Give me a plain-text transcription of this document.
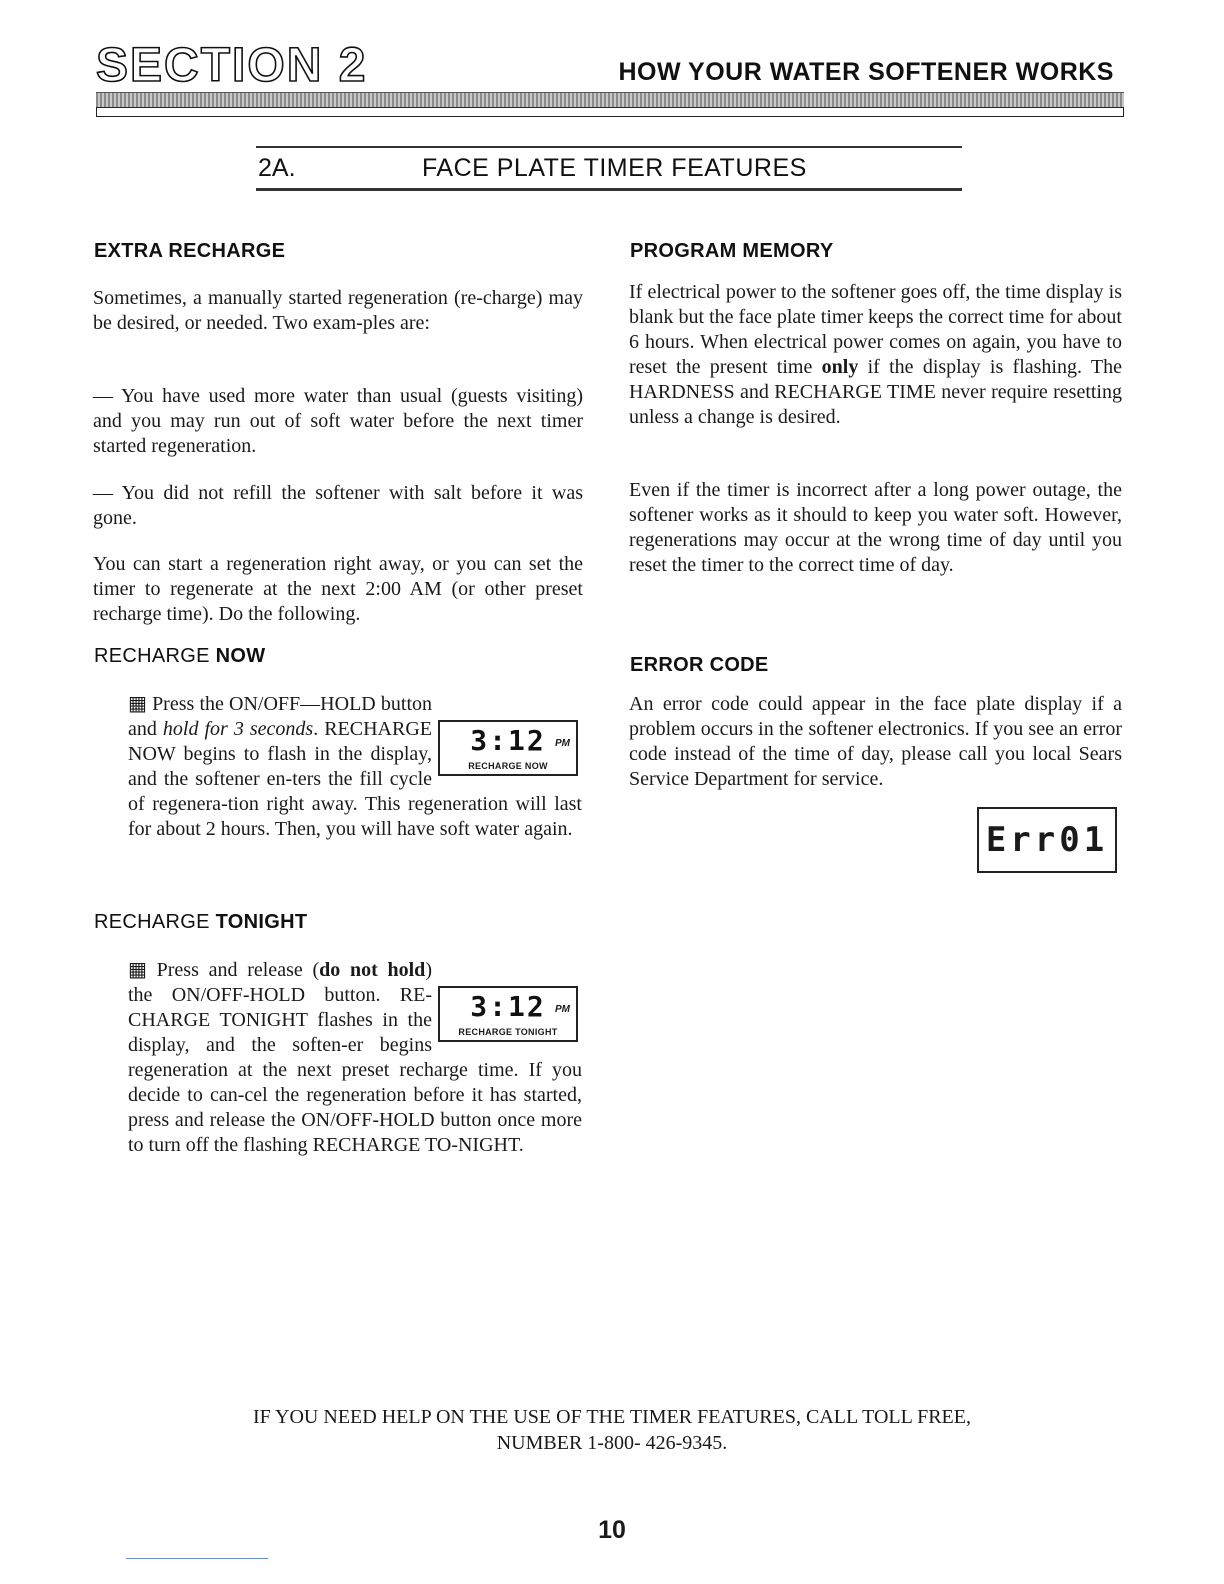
SECTION 2	HOW YOUR WATER SOFTENER WORKS
2A.	FACE PLATE TIMER FEATURES
EXTRA RECHARGE

Sometimes, a manually started regeneration (re-charge) may be desired, or needed. Two exam-ples are:

— You have used more water than usual (guests visiting) and you may run out of soft water before the next timer started regeneration.

— You did not refill the softener with salt before it was gone.

You can start a regeneration right away, or you can set the timer to regenerate at the next 2:00 AM (or other preset recharge time). Do the following.

RECHARGE NOW
3:12 PM
RECHARGE NOW

▦ Press the ON/OFF—HOLD button and hold for 3 seconds. RECHARGE NOW begins to flash in the display, and the softener en-ters the fill cycle of regenera-tion right away. This regeneration will last for about 2 hours. Then, you will have soft water again.

RECHARGE TONIGHT
3:12 PM
RECHARGE TONIGHT

▦ Press and release (do not hold) the ON/OFF-HOLD button. RE-CHARGE TONIGHT flashes in the display, and the soften-er begins regeneration at the next preset recharge time. If you decide to can-cel the regeneration before it has started, press and release the ON/OFF-HOLD button once more to turn off the flashing RECHARGE TO-NIGHT.

PROGRAM MEMORY

If electrical power to the softener goes off, the time display is blank but the face plate timer keeps the correct time for about 6 hours. When electrical power comes on again, you have to reset the present time only if the display is flashing. The HARDNESS and RECHARGE TIME never require resetting unless a change is desired.

Even if the timer is incorrect after a long power outage, the softener works as it should to keep you water soft. However, regenerations may occur at the wrong time of day until you reset the timer to the correct time of day.

ERROR CODE

An error code could appear in the face plate display if a problem occurs in the softener electronics. If you see an error code instead of the time of day, please call you local Sears Service Department for service.

Err01
IF YOU NEED HELP ON THE USE OF THE TIMER FEATURES, CALL TOLL FREE,
NUMBER 1-800- 426-9345.
10
